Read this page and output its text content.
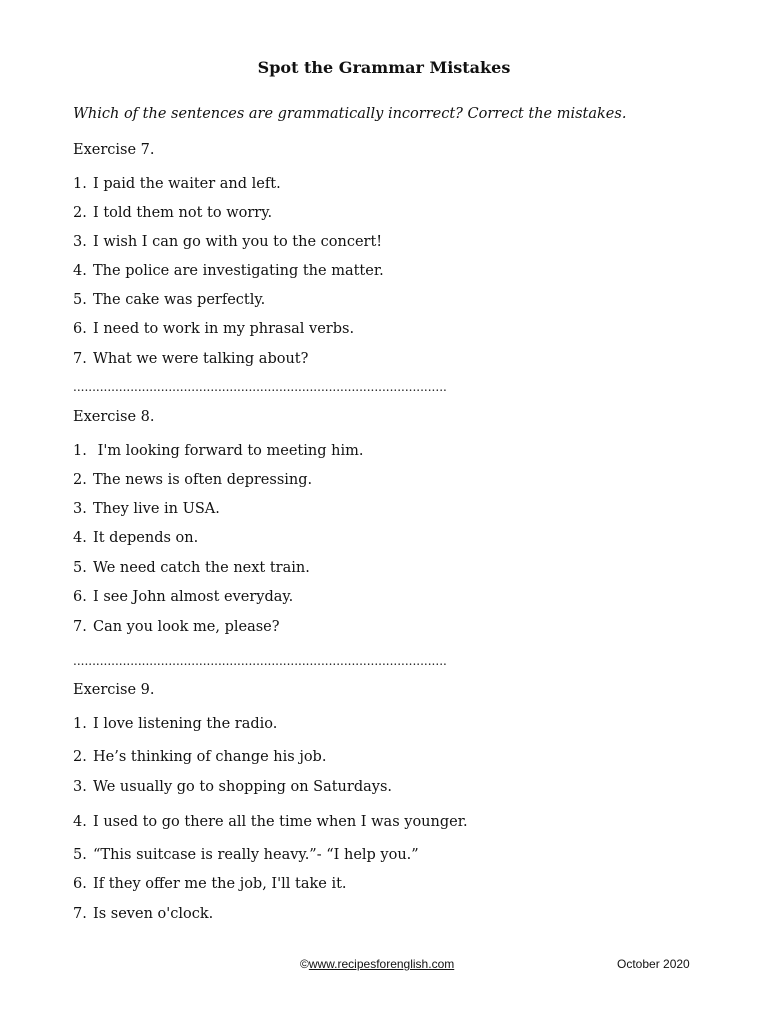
Spot the Grammar Mistakes
Which of the sentences are grammatically incorrect? Correct the mistakes.
Exercise 7.
1. I paid the waiter and left.
2. I told them not to worry.
3. I wish I can go with you to the concert!
4. The police are investigating the matter.
5. The cake was perfectly.
6. I need to work in my phrasal verbs.
7. What we were talking about?
..................................................................................................
Exercise 8.
1. I'm looking forward to meeting him.
2. The news is often depressing.
3. They live in USA.
4. It depends on.
5. We need catch the next train.
6. I see John almost everyday.
7. Can you look me, please?
..................................................................................................
Exercise 9.
1. I love listening the radio.
2. He’s thinking of change his job.
3. We usually go to shopping on Saturdays.
4. I used to go there all the time when I was younger.
5. “This suitcase is really heavy.”- “I help you.”
6. If they offer me the job, I'll take it.
7. Is seven o'clock.
©www.recipesforenglish.com	October 2020
